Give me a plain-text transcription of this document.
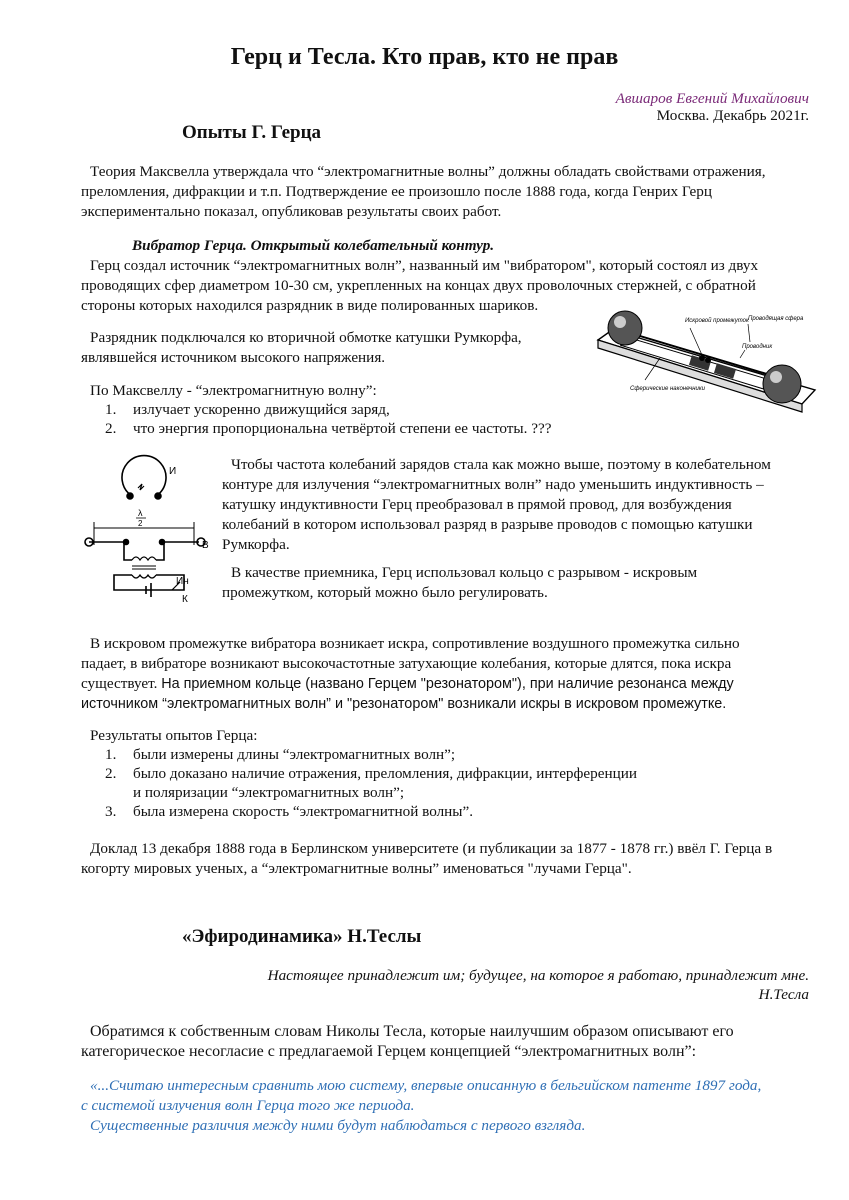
Герц и Тесла. Кто прав, кто не прав
Авшаров Евгений Михайлович
Москва. Декабрь 2021г.
Опыты Г. Герца
Теория Максвелла утверждала что “электромагнитные волны” должны обладать свойствами отражения,
преломления, дифракции и т.п. Подтверждение ее произошло после 1888 года, когда Генрих Герц
экспериментально показал, опубликовав результаты своих работ.
Вибратор Герца. Открытый колебательный контур.
Герц создал источник “электромагнитных волн”, названный им "вибратором", который состоял из двух
проводящих сфер диаметром 10-30 см, укрепленных на концах двух проволочных стержней, с обратной
стороны которых находился разрядник в виде полированных шариков.
Разрядник подключался ко вторичной обмотке катушки Румкорфа,
являвшейся источником высокого напряжения.
Искровой промежуток Проводящая сфера
Проводник
Сферические наконечники
По Максвеллу - “электромагнитную волну”:
1. излучает ускоренно движущийся заряд,
2. что энергия пропорциональна четвёртой степени ее частоты. ???
И
λ
2
В
Ин
К
Чтобы частота колебаний зарядов стала как можно выше, поэтому в колебательном
контуре для излучения “электромагнитных волн” надо уменьшить индуктивность –
катушку индуктивности Герц преобразовал в прямой провод, для возбуждения
колебаний в котором использовал разряд в разрыве проводов с помощью катушки
Румкорфа.
В качестве приемника, Герц использовал кольцо с разрывом - искровым
промежутком, который можно было регулировать.
В искровом промежутке вибратора возникает искра, сопротивление воздушного промежутка сильно
падает, в вибраторе возникают высокочастотные затухающие колебания, которые длятся, пока искра
существует. На приемном кольце (названо Герцем "резонатором"), при наличие резонанса между
источником “электромагнитных волн” и "резонатором" возникали искры в искровом промежутке.
Результаты опытов Герца:
1. были измерены длины “электромагнитных волн”;
2. было доказано наличие отражения, преломления, дифракции, интерференции
и поляризации “электромагнитных волн”;
3. была измерена скорость “электромагнитной волны”.
Доклад 13 декабря 1888 года в Берлинском университете (и публикации за 1877 - 1878 гг.) ввёл Г. Герца в
когорту мировых ученых, а “электромагнитные волны” именоваться "лучами Герца".
«Эфиродинамика» Н.Теслы
Настоящее принадлежит им; будущее, на которое я работаю, принадлежит мне.
Н.Тесла
Обратимся к собственным словам Николы Тесла, которые наилучшим образом описывают его
категорическое несогласие с предлагаемой Герцем концепцией “электромагнитных волн”:
«...Считаю интересным сравнить мою систему, впервые описанную в бельгийском патенте 1897 года,
с системой излучения волн Герца того же периода.
Существенные различия между ними будут наблюдаться с первого взгляда.
